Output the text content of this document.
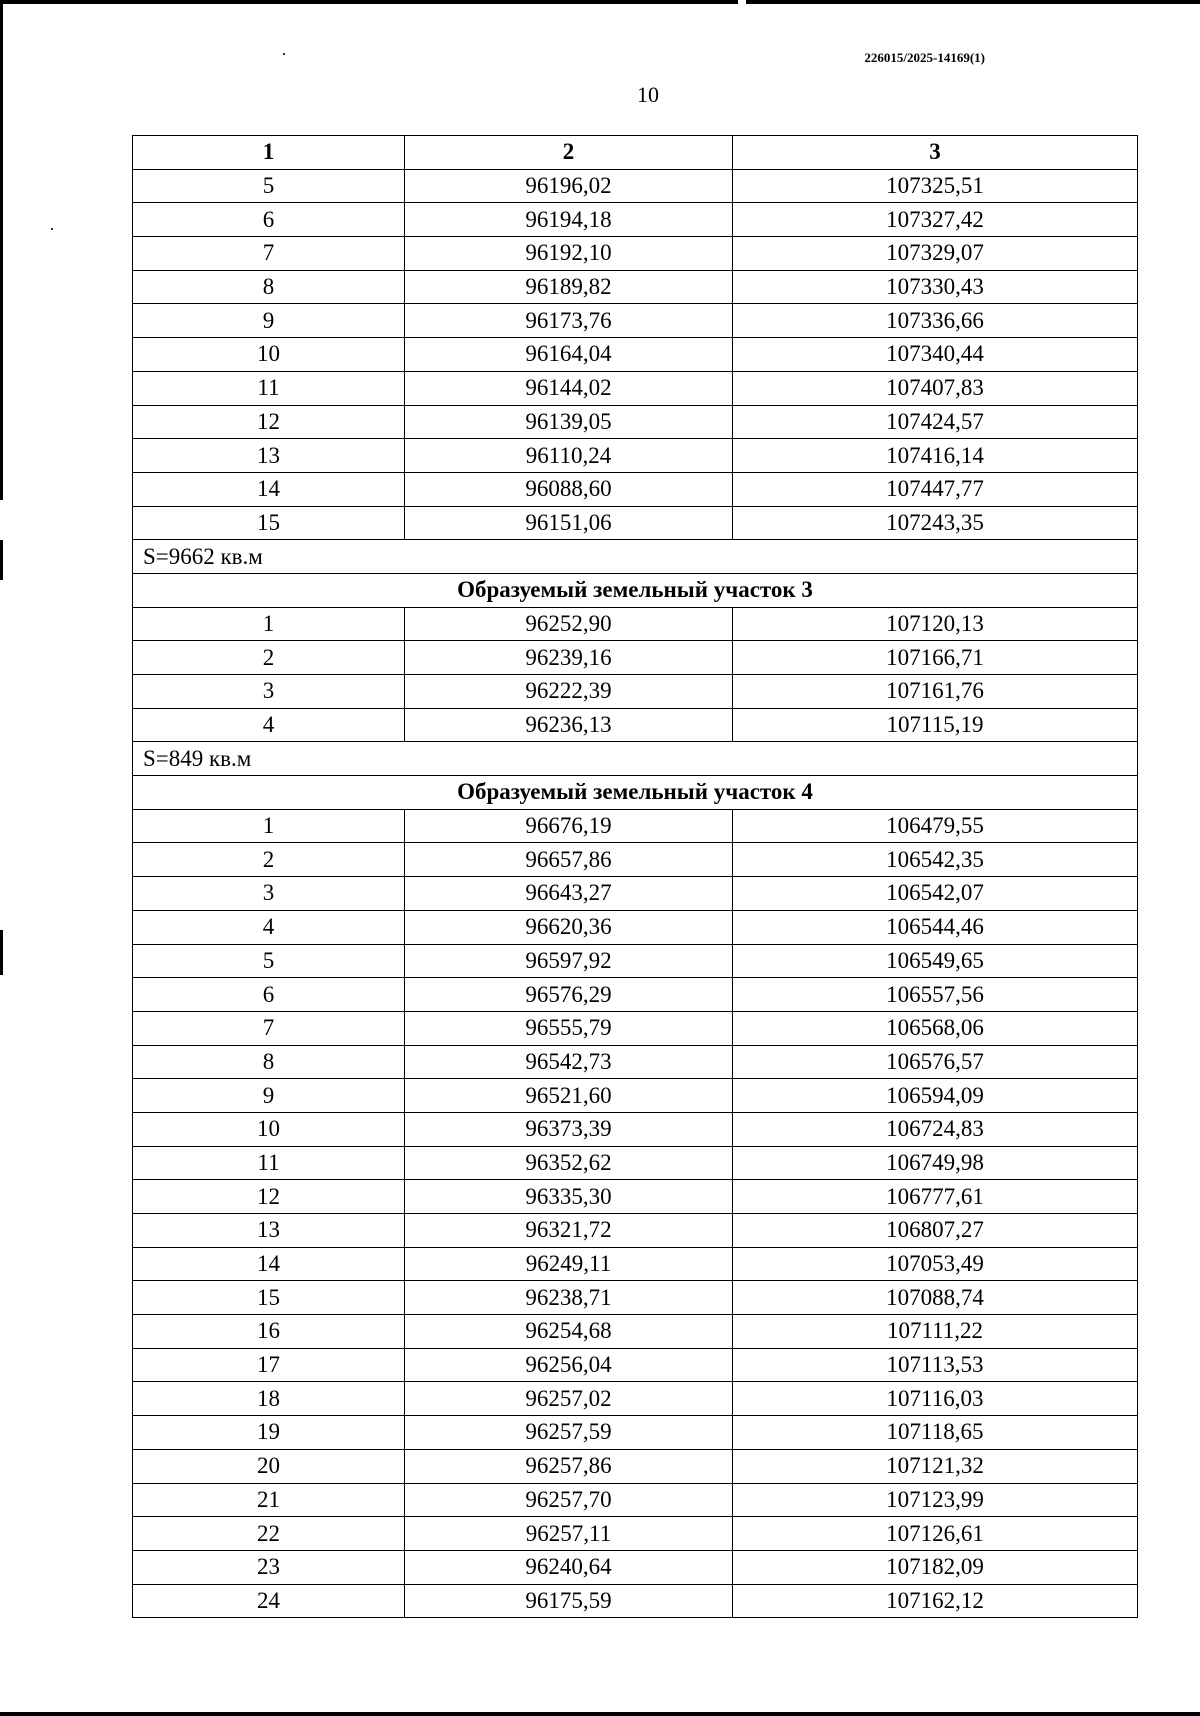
226015/2025-14169(1)
10
1	2	3
5	96196,02	107325,51
6	96194,18	107327,42
7	96192,10	107329,07
8	96189,82	107330,43
9	96173,76	107336,66
10	96164,04	107340,44
11	96144,02	107407,83
12	96139,05	107424,57
13	96110,24	107416,14
14	96088,60	107447,77
15	96151,06	107243,35
S=9662 кв.м		
Образуемый земельный участок 3		
1	96252,90	107120,13
2	96239,16	107166,71
3	96222,39	107161,76
4	96236,13	107115,19
S=849 кв.м		
Образуемый земельный участок 4		
1	96676,19	106479,55
2	96657,86	106542,35
3	96643,27	106542,07
4	96620,36	106544,46
5	96597,92	106549,65
6	96576,29	106557,56
7	96555,79	106568,06
8	96542,73	106576,57
9	96521,60	106594,09
10	96373,39	106724,83
11	96352,62	106749,98
12	96335,30	106777,61
13	96321,72	106807,27
14	96249,11	107053,49
15	96238,71	107088,74
16	96254,68	107111,22
17	96256,04	107113,53
18	96257,02	107116,03
19	96257,59	107118,65
20	96257,86	107121,32
21	96257,70	107123,99
22	96257,11	107126,61
23	96240,64	107182,09
24	96175,59	107162,12
